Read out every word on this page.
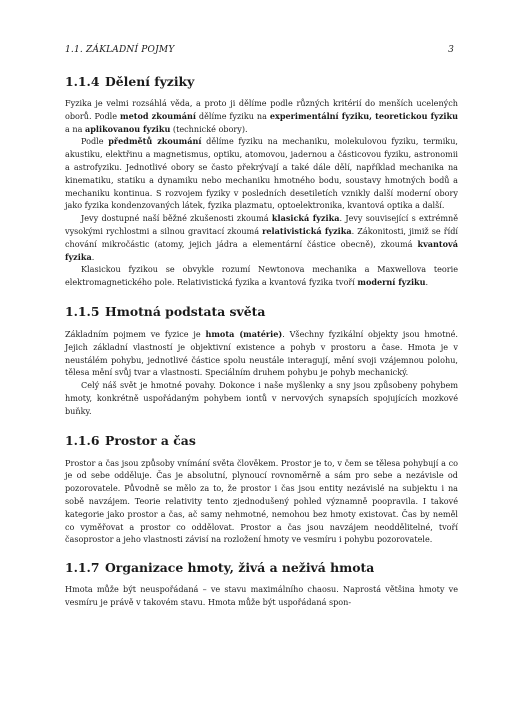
1.1. ZÁKLADNÍ POJMY	3
1.1.4 Dělení fyziky

Fyzika je velmi rozsáhlá věda, a proto ji dělíme podle různých kritérií do menších ucelených oborů. Podle metod zkoumání dělíme fyziku na experimentální fyziku, teoretickou fyziku a na aplikovanou fyziku (technické obory).

Podle předmětů zkoumání dělíme fyziku na mechaniku, molekulovou fyziku, termiku, akustiku, elektřinu a magnetismus, optiku, atomovou, jadernou a částicovou fyziku, astronomii a astrofyziku. Jednotlivé obory se často překrývají a také dále dělí, například mechanika na kinematiku, statiku a dynamiku nebo mechaniku hmotného bodu, soustavy hmotných bodů a mechaniku kontinua. S rozvojem fyziky v posledních desetiletích vznikly další moderní obory jako fyzika kondenzovaných látek, fyzika plazmatu, optoelektronika, kvantová optika a další.

Jevy dostupné naší běžné zkušenosti zkoumá klasická fyzika. Jevy související s extrémně vysokými rychlostmi a silnou gravitací zkoumá relativistická fyzika. Zákonitosti, jimiž se řídí chování mikročástic (atomy, jejich jádra a elementární částice obecně), zkoumá kvantová fyzika.

Klasickou fyzikou se obvykle rozumí Newtonova mechanika a Maxwellova teorie elektromagnetického pole. Relativistická fyzika a kvantová fyzika tvoří moderní fyziku.

1.1.5 Hmotná podstata světa

Základním pojmem ve fyzice je hmota (matérie). Všechny fyzikální objekty jsou hmotné. Jejich základní vlastností je objektivní existence a pohyb v prostoru a čase. Hmota je v neustálém pohybu, jednotlivé částice spolu neustále interagují, mění svoji vzájemnou polohu, tělesa mění svůj tvar a vlastnosti. Speciálním druhem pohybu je pohyb mechanický.

Celý náš svět je hmotné povahy. Dokonce i naše myšlenky a sny jsou způsobeny pohybem hmoty, konkrétně uspořádaným pohybem iontů v nervových synapsích spojujících mozkové buňky.

1.1.6 Prostor a čas

Prostor a čas jsou způsoby vnímání světa člověkem. Prostor je to, v čem se tělesa pohybují a co je od sebe odděluje. Čas je absolutní, plynoucí rovnoměrně a sám pro sebe a nezávisle od pozorovatele. Původně se mělo za to, že prostor i čas jsou entity nezávislé na subjektu i na sobě navzájem. Teorie relativity tento zjednodušený pohled významně poopravila. I takové kategorie jako prostor a čas, ač samy nehmotné, nemohou bez hmoty existovat. Čas by neměl co vyměřovat a prostor co oddělovat. Prostor a čas jsou navzájem neoddělitelné, tvoří časoprostor a jeho vlastnosti závisí na rozložení hmoty ve vesmíru i pohybu pozorovatele.

1.1.7 Organizace hmoty, živá a neživá hmota

Hmota může být neuspořádaná – ve stavu maximálního chaosu. Naprostá většina hmoty ve vesmíru je právě v takovém stavu. Hmota může být uspořádaná spon-
